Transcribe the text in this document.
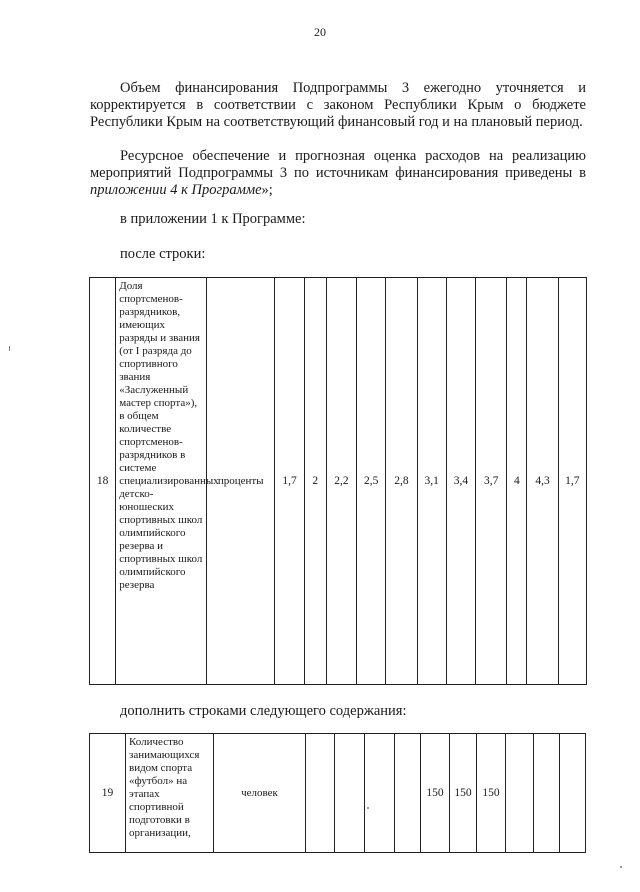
20

Объем финансирования Подпрограммы 3 ежегодно уточняется и корректируется в соответствии с законом Республики Крым о бюджете Республики Крым на соответствующий финансовый год и на плановый период.

Ресурсное обеспечение и прогнозная оценка расходов на реализацию мероприятий Подпрограммы 3 по источникам финансирования приведены в приложении 4 к Программе»;

в приложении 1 к Программе:

после строки:

18	Доля спортсменов-разрядников, имеющих разряды и звания (от I разряда до спортивного звания «Заслуженный мастер спорта»), в общем количестве спортсменов-разрядников в системе специализированных детско-юношеских спортивных школ олимпийского резерва и спортивных школ олимпийского резерва	проценты	1,7	2	2,2	2,5	2,8	3,1	3,4	3,7	4	4,3	1,7

дополнить строками следующего содержания:

19	Количество занимающихся видом спорта «футбол» на этапах спортивной подготовки в организации,	человек					150	150	150			
